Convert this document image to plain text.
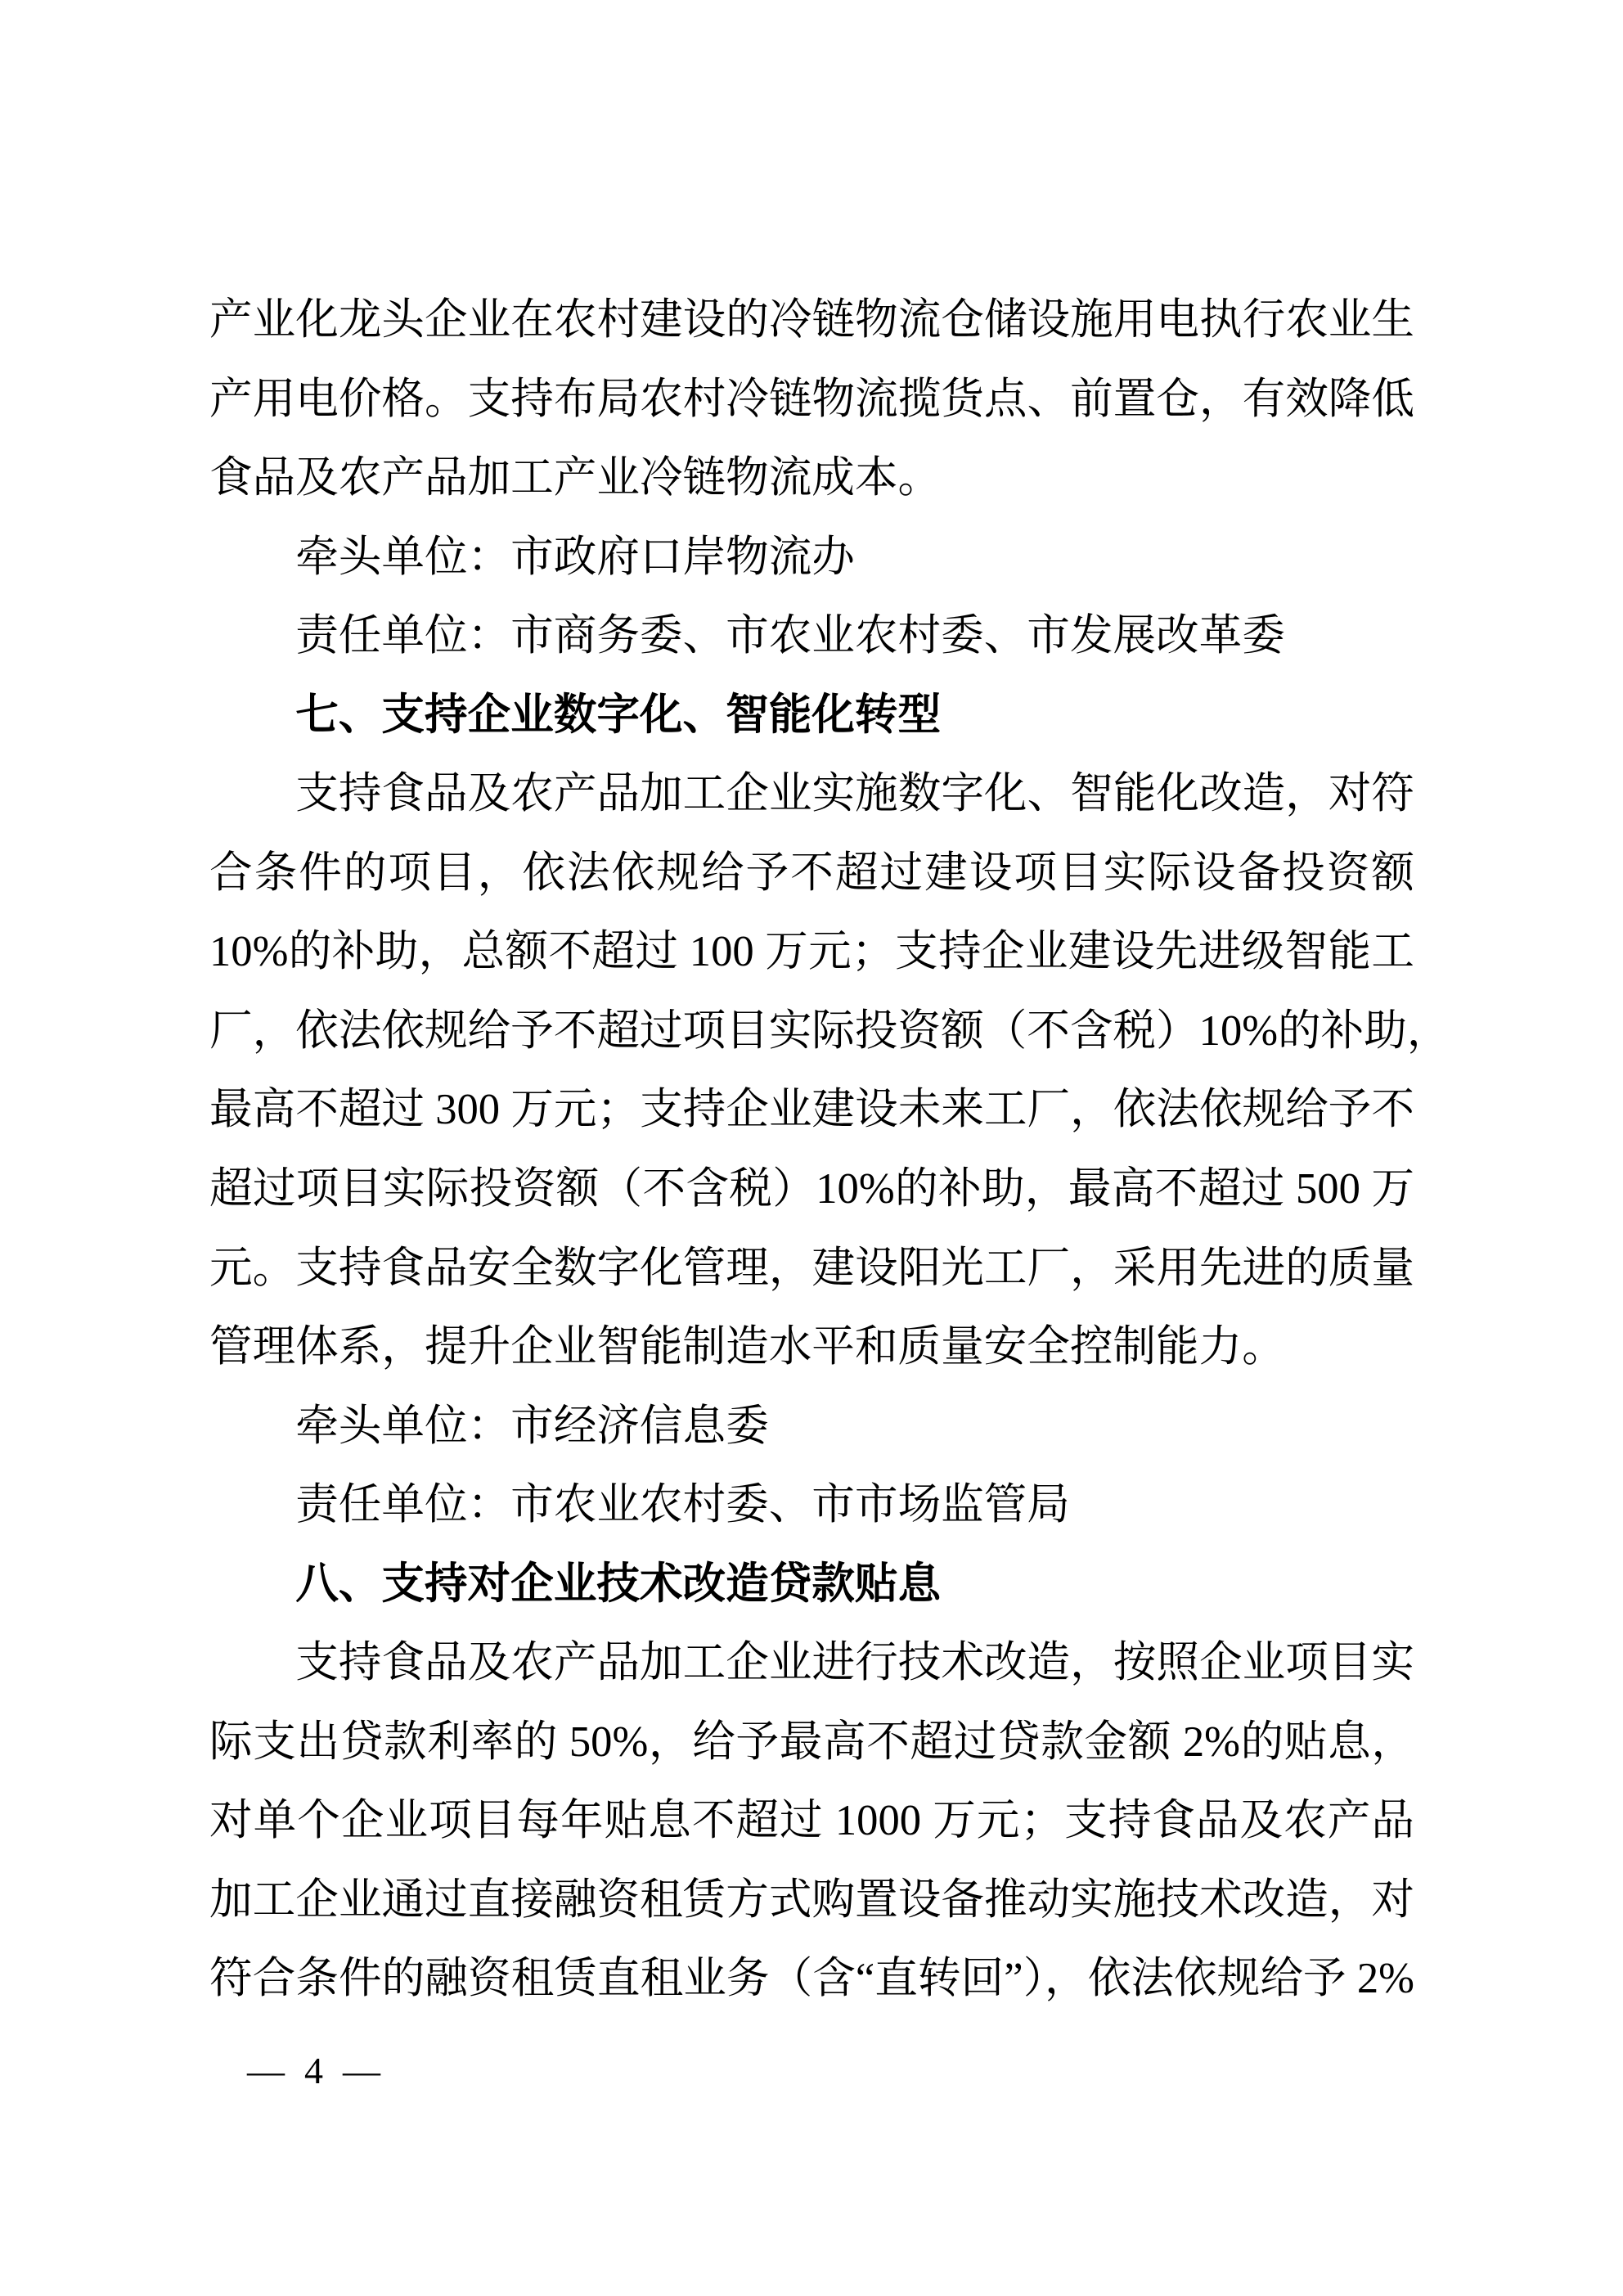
产业化龙头企业在农村建设的冷链物流仓储设施用电执行农业生
产用电价格。支持布局农村冷链物流揽货点、前置仓，有效降低
食品及农产品加工产业冷链物流成本。
牵头单位：市政府口岸物流办
责任单位：市商务委、市农业农村委、市发展改革委
七、支持企业数字化、智能化转型
支持食品及农产品加工企业实施数字化、智能化改造，对符
合条件的项目，依法依规给予不超过建设项目实际设备投资额
10%的补助，总额不超过 100 万元；支持企业建设先进级智能工
厂，依法依规给予不超过项目实际投资额（不含税）10%的补助，
最高不超过 300 万元；支持企业建设未来工厂，依法依规给予不
超过项目实际投资额（不含税）10%的补助，最高不超过 500 万
元。支持食品安全数字化管理，建设阳光工厂，采用先进的质量
管理体系，提升企业智能制造水平和质量安全控制能力。
牵头单位：市经济信息委
责任单位：市农业农村委、市市场监管局
八、支持对企业技术改造贷款贴息
支持食品及农产品加工企业进行技术改造，按照企业项目实
际支出贷款利率的 50%，给予最高不超过贷款金额 2%的贴息，
对单个企业项目每年贴息不超过 1000 万元；支持食品及农产品
加工企业通过直接融资租赁方式购置设备推动实施技术改造，对
符合条件的融资租赁直租业务（含“直转回”），依法依规给予 2%
— 4 —
